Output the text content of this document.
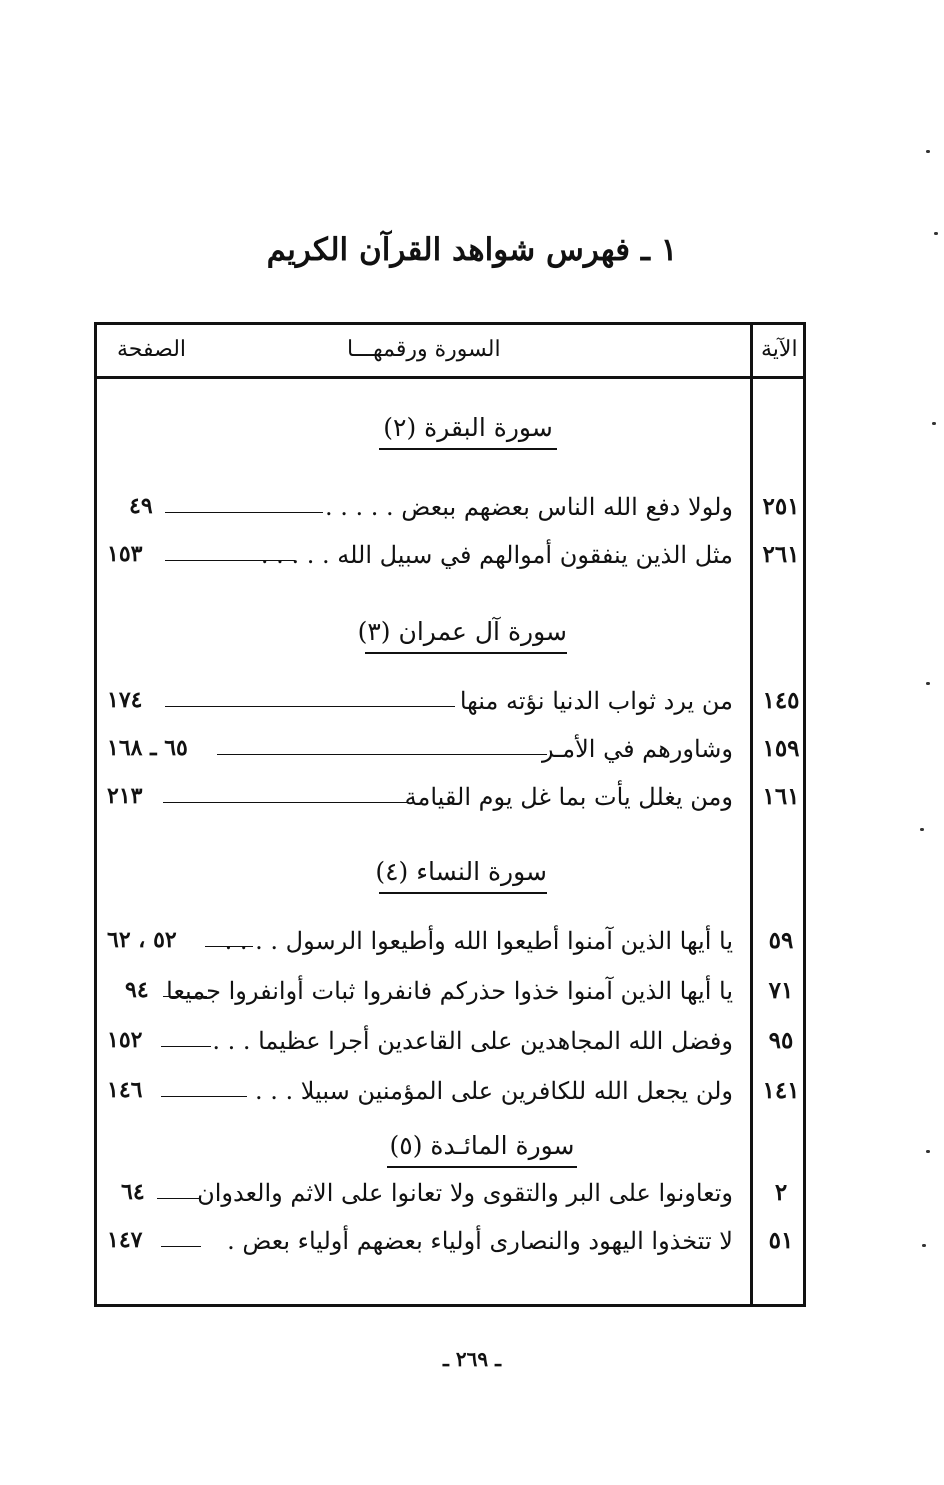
١ ـ فهرس شواهد القرآن الكريم
الصفحة	السورة ورقمهـــا	الآية
سورة البقرة (٢)
٢٥١
ولولا دفع الله الناس بعضهم ببعض . . . . .
٤٩
٢٦١
مثل الذين ينفقون أموالهم في سبيل الله . . . . .
١٥٣
سورة آل عمران (٣)
١٤٥
من يرد ثواب الدنيا نؤته منها
١٧٤
١٥٩
وشاورهم في الأمـر
٦٥ ـ ١٦٨
١٦١
ومن يغلل يأت بما غل يوم القيامة
٢١٣
سورة النساء (٤)
٥٩
يا أيها الذين آمنوا أطيعوا الله وأطيعوا الرسول . . . .
٥٢ ، ٦٢
٧١
يا أيها الذين آمنوا خذوا حذركم فانفروا ثبات أوانفروا جميعا
٩٤
٩٥
وفضل الله المجاهدين على القاعدين أجرا عظيما . . .
١٥٢
١٤١
ولن يجعل الله للكافرين على المؤمنين سبيلا . . .
١٤٦
سورة المائـدة (٥)
٢
وتعاونوا على البر والتقوى ولا تعانوا على الاثم والعدوان
٦٤
٥١
لا تتخذوا اليهود والنصارى أولياء بعضهم أولياء بعض .
١٤٧
ـ ٢٦٩ ـ
